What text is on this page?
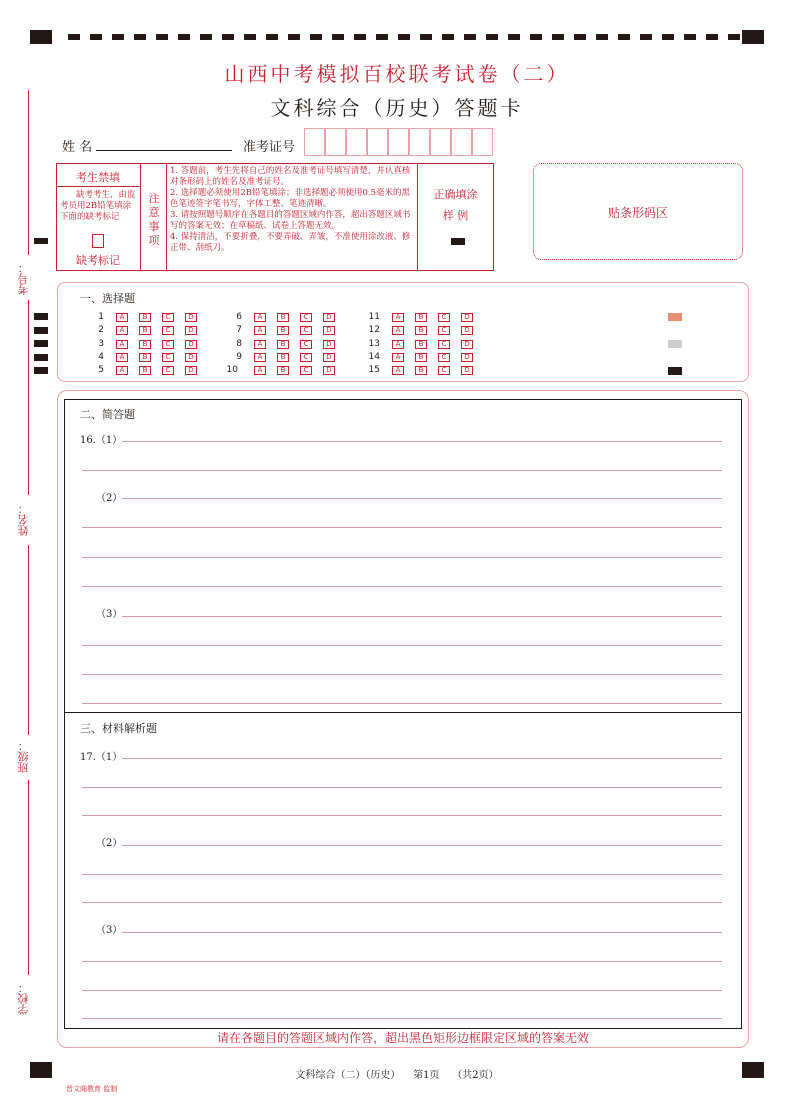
山西中考模拟百校联考试卷（二）
文科综合（历史）答题卡
姓 名	准考证号
考生禁填
缺考考生，由监考员用2B铅笔填涂下面的缺考标记
缺考标记
注意事项
1. 答题前，考生先将自己的姓名及准考证号填写清楚，并认真核对条形码上的姓名及准考证号。
2. 选择题必须使用2B铅笔填涂；非选择题必须使用0.5毫米的黑色笔迹签字笔书写，字体工整、笔迹清晰。
3. 请按照题号顺序在各题目的答题区域内作答，超出答题区域书写的答案无效；在草稿纸、试卷上答题无效。
4. 保持清洁，不要折叠，不要弄破、弄皱，不准使用涂改液、修正带、刮纸刀。
正确填涂
样 例	贴条形码区
考号：
姓名：
班级：
学校：
一、选择题
1	A	B	C	D
2	A	B	C	D
3	A	B	C	D
4	A	B	C	D
5	A	B	C	D
6	A	B	C	D
7	A	B	C	D
8	A	B	C	D
9	A	B	C	D
10	A	B	C	D
11	A	B	C	D
12	A	B	C	D
13	A	B	C	D
14	A	B	C	D
15	A	B	C	D
二、简答题
三、材料解析题
16.（1）
（2）
（3）
17.（1）
（2）
（3）
请在各题目的答题区域内作答，超出黑色矩形边框限定区域的答案无效
文科综合（二）（历史） 第1页 （共2页）
晋文阁教育 监制
